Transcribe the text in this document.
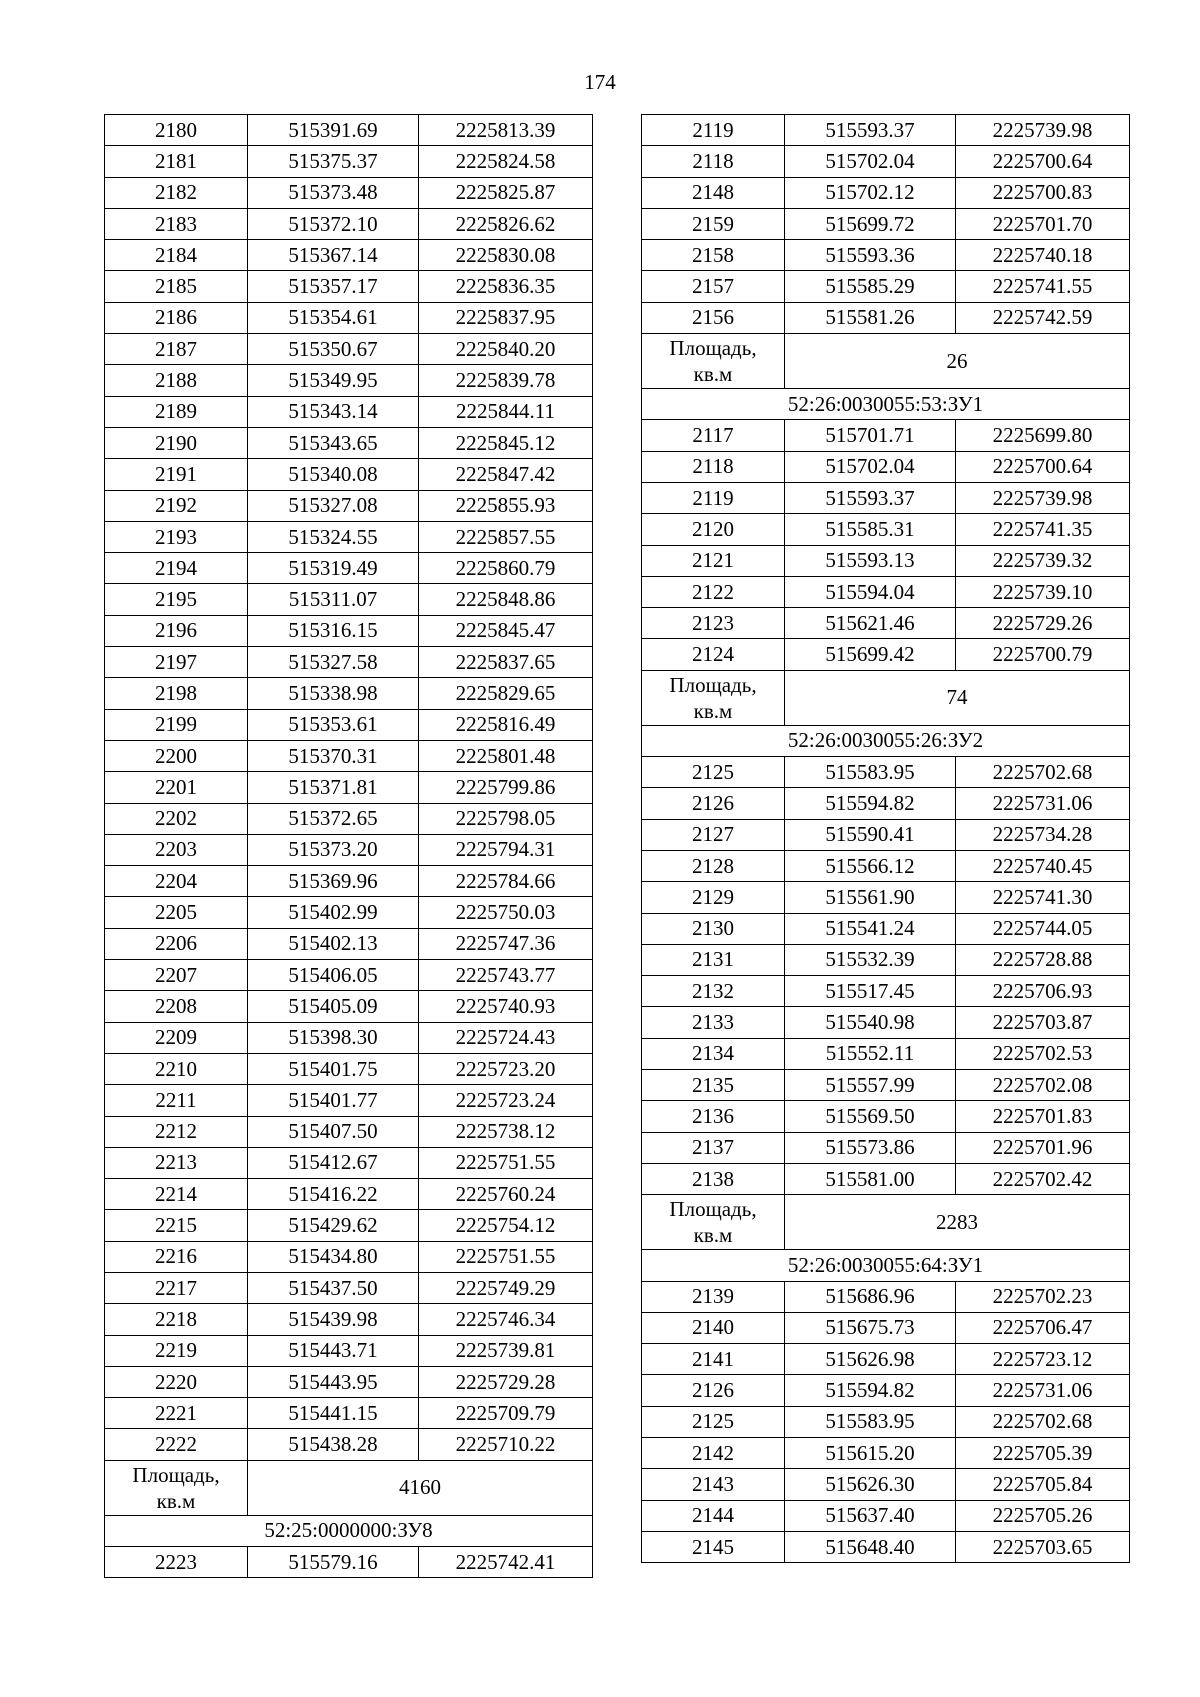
174
2180	515391.69	2225813.39
2181	515375.37	2225824.58
2182	515373.48	2225825.87
2183	515372.10	2225826.62
2184	515367.14	2225830.08
2185	515357.17	2225836.35
2186	515354.61	2225837.95
2187	515350.67	2225840.20
2188	515349.95	2225839.78
2189	515343.14	2225844.11
2190	515343.65	2225845.12
2191	515340.08	2225847.42
2192	515327.08	2225855.93
2193	515324.55	2225857.55
2194	515319.49	2225860.79
2195	515311.07	2225848.86
2196	515316.15	2225845.47
2197	515327.58	2225837.65
2198	515338.98	2225829.65
2199	515353.61	2225816.49
2200	515370.31	2225801.48
2201	515371.81	2225799.86
2202	515372.65	2225798.05
2203	515373.20	2225794.31
2204	515369.96	2225784.66
2205	515402.99	2225750.03
2206	515402.13	2225747.36
2207	515406.05	2225743.77
2208	515405.09	2225740.93
2209	515398.30	2225724.43
2210	515401.75	2225723.20
2211	515401.77	2225723.24
2212	515407.50	2225738.12
2213	515412.67	2225751.55
2214	515416.22	2225760.24
2215	515429.62	2225754.12
2216	515434.80	2225751.55
2217	515437.50	2225749.29
2218	515439.98	2225746.34
2219	515443.71	2225739.81
2220	515443.95	2225729.28
2221	515441.15	2225709.79
2222	515438.28	2225710.22
Площадь,
кв.м	4160	
52:25:0000000:ЗУ8		
2223	515579.16	2225742.41
2119	515593.37	2225739.98
2118	515702.04	2225700.64
2148	515702.12	2225700.83
2159	515699.72	2225701.70
2158	515593.36	2225740.18
2157	515585.29	2225741.55
2156	515581.26	2225742.59
Площадь,
кв.м	26	
52:26:0030055:53:ЗУ1		
2117	515701.71	2225699.80
2118	515702.04	2225700.64
2119	515593.37	2225739.98
2120	515585.31	2225741.35
2121	515593.13	2225739.32
2122	515594.04	2225739.10
2123	515621.46	2225729.26
2124	515699.42	2225700.79
Площадь,
кв.м	74	
52:26:0030055:26:ЗУ2		
2125	515583.95	2225702.68
2126	515594.82	2225731.06
2127	515590.41	2225734.28
2128	515566.12	2225740.45
2129	515561.90	2225741.30
2130	515541.24	2225744.05
2131	515532.39	2225728.88
2132	515517.45	2225706.93
2133	515540.98	2225703.87
2134	515552.11	2225702.53
2135	515557.99	2225702.08
2136	515569.50	2225701.83
2137	515573.86	2225701.96
2138	515581.00	2225702.42
Площадь,
кв.м	2283	
52:26:0030055:64:ЗУ1		
2139	515686.96	2225702.23
2140	515675.73	2225706.47
2141	515626.98	2225723.12
2126	515594.82	2225731.06
2125	515583.95	2225702.68
2142	515615.20	2225705.39
2143	515626.30	2225705.84
2144	515637.40	2225705.26
2145	515648.40	2225703.65
